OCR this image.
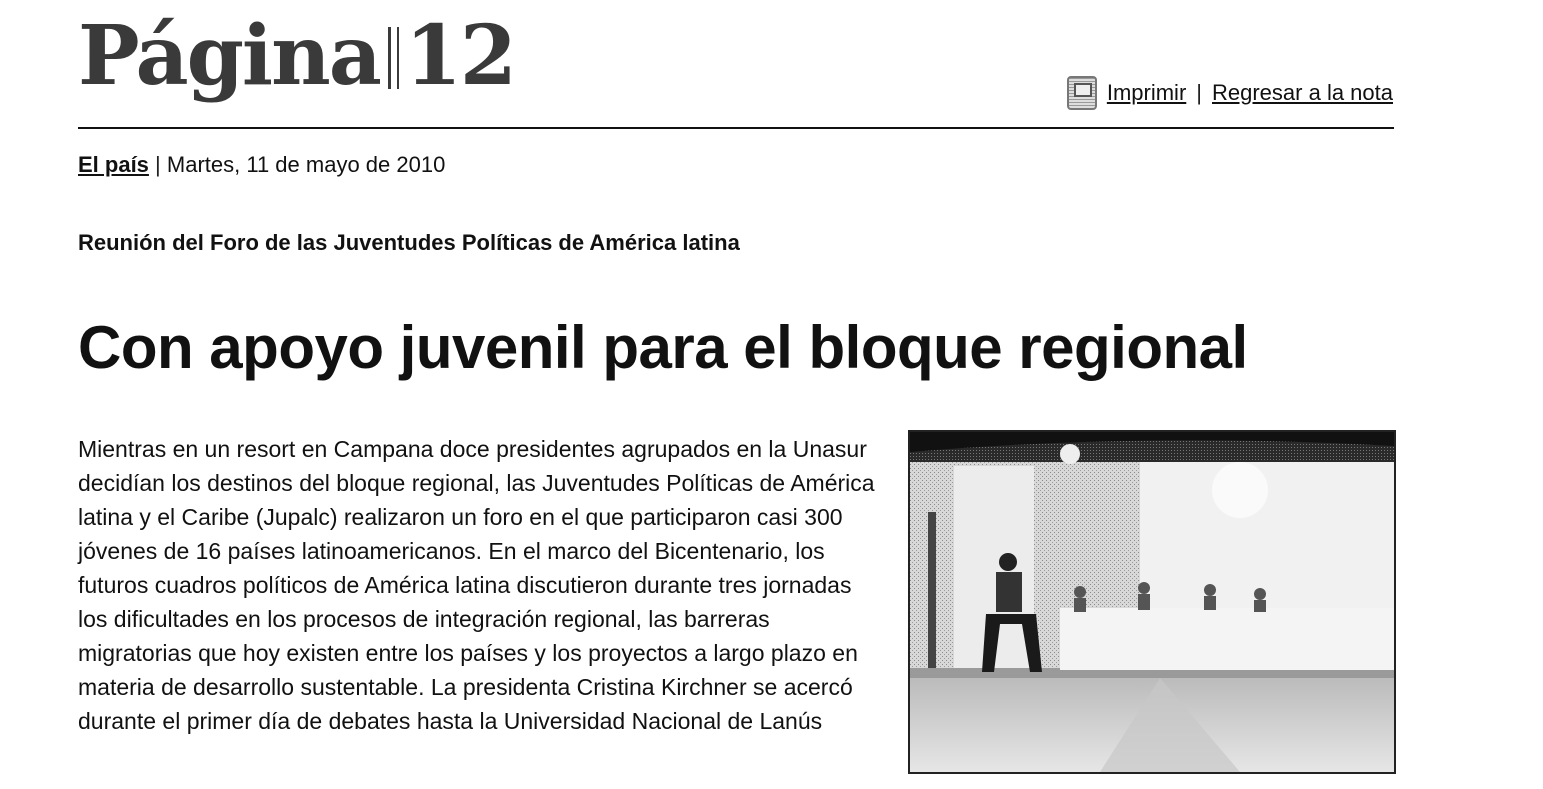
Página 12	Imprimir | Regresar a la nota
El país | Martes, 11 de mayo de 2010
Reunión del Foro de las Juventudes Políticas de América latina
Con apoyo juvenil para el bloque regional

Mientras en un resort en Campana doce presidentes agrupados en la Unasur decidían los destinos del bloque regional, las Juventudes Políticas de América latina y el Caribe (Jupalc) realizaron un foro en el que participaron casi 300 jóvenes de 16 países latinoamericanos. En el marco del Bicentenario, los futuros cuadros políticos de América latina discutieron durante tres jornadas los dificultades en los procesos de integración regional, las barreras migratorias que hoy existen entre los países y los proyectos a largo plazo en materia de desarrollo sustentable. La presidenta Cristina Kirchner se acercó durante el primer día de debates hasta la Universidad Nacional de Lanús
